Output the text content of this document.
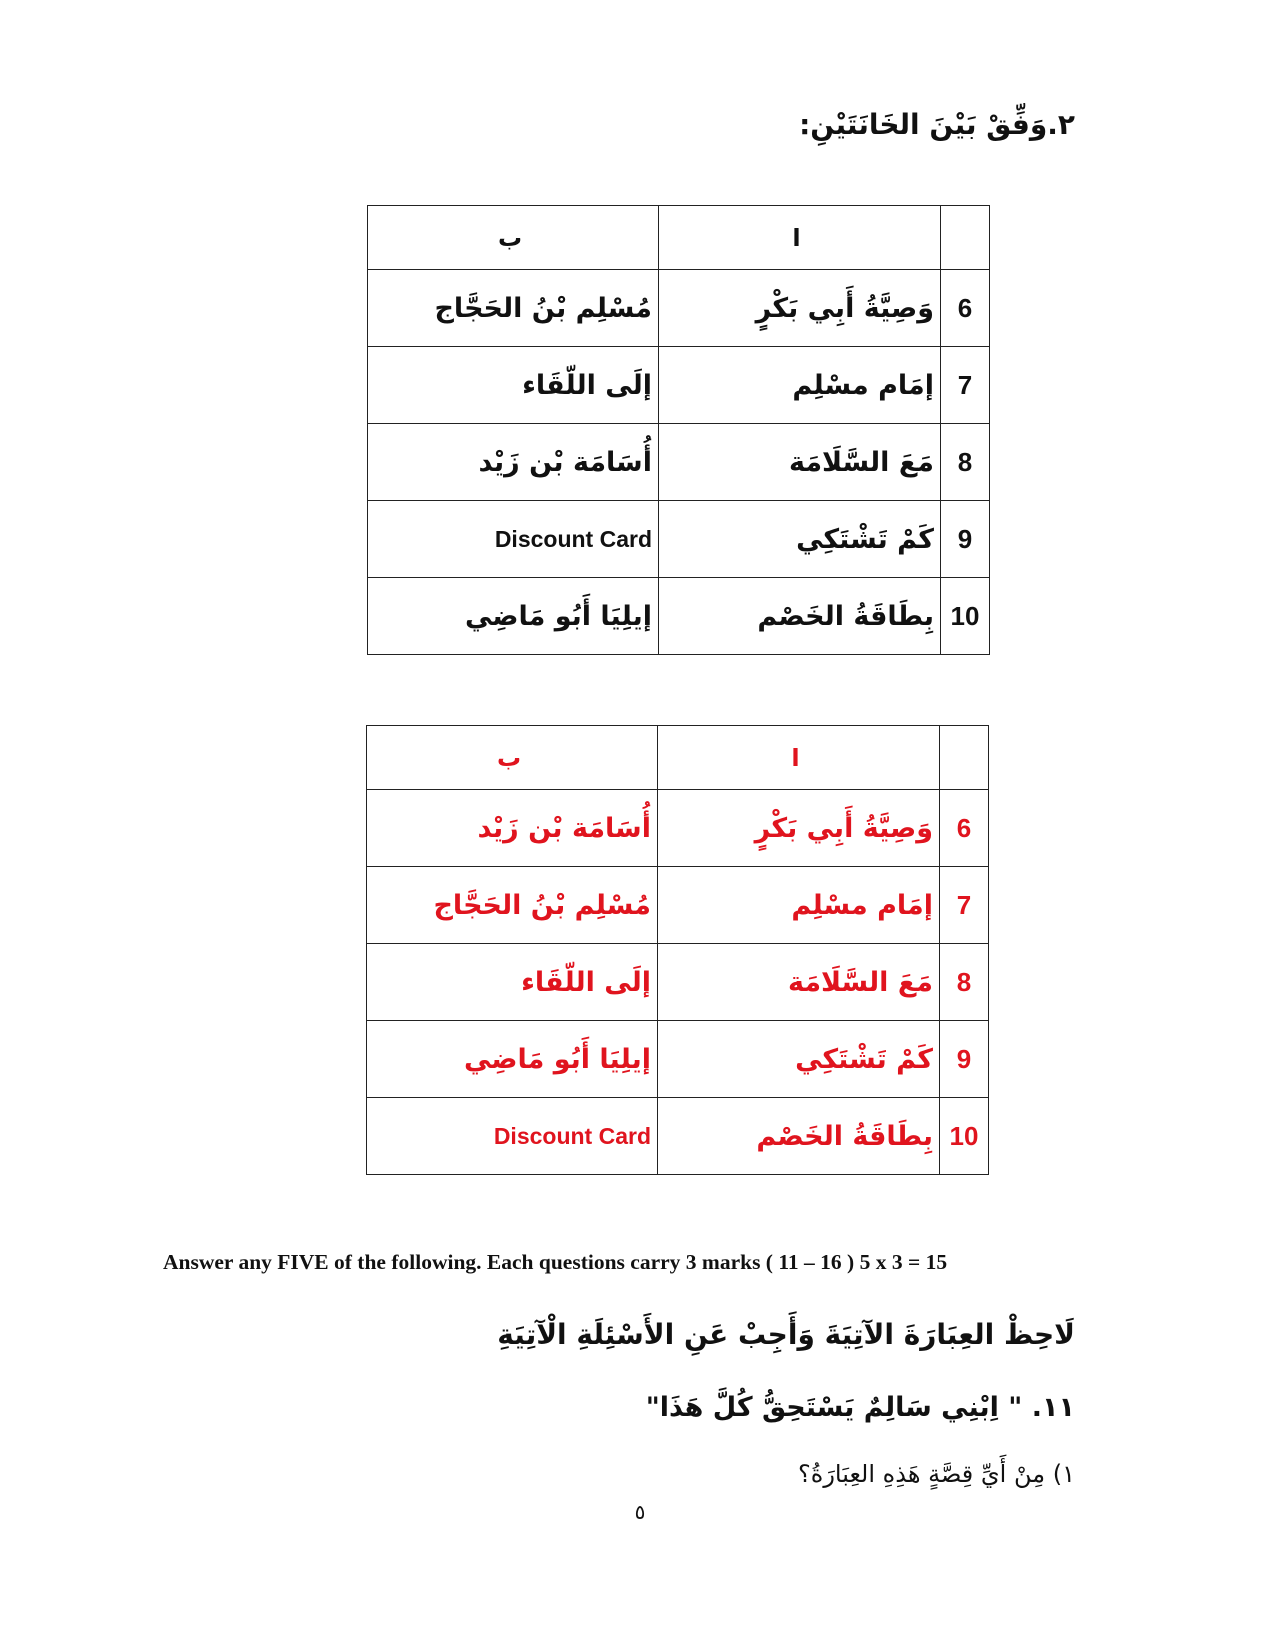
٢.وَفِّقْ بَيْنَ الخَانَتَيْنِ:
	ا	ب
6	وَصِيَّةُ أَبِي بَكْرٍ	مُسْلِم بْنُ الحَجَّاج
7	إمَام مسْلِم	إلَى اللّقَاء
8	مَعَ السَّلَامَة	أُسَامَة بْن زَيْد
9	كَمْ تَشْتَكِي	Discount Card
10	بِطَاقَةُ الخَصْم	إيلِيَا أَبُو مَاضِي
	ا	ب
6	وَصِيَّةُ أَبِي بَكْرٍ	أُسَامَة بْن زَيْد
7	إمَام مسْلِم	مُسْلِم بْنُ الحَجَّاج
8	مَعَ السَّلَامَة	إلَى اللّقَاء
9	كَمْ تَشْتَكِي	إيلِيَا أَبُو مَاضِي
10	بِطَاقَةُ الخَصْم	Discount Card
Answer any FIVE of the following. Each questions carry 3 marks ( 11 – 16 ) 5 x 3 = 15
لَاحِظْ العِبَارَةَ الآتِيَةَ وَأَجِبْ عَنِ الأَسْئِلَةِ الْآتِيَةِ
١١. " اِبْنِي سَالِمٌ يَسْتَحِقُّ كُلَّ هَذَا"
١) مِنْ أَيِّ قِصَّةٍ هَذِهِ العِبَارَةُ؟
٥
